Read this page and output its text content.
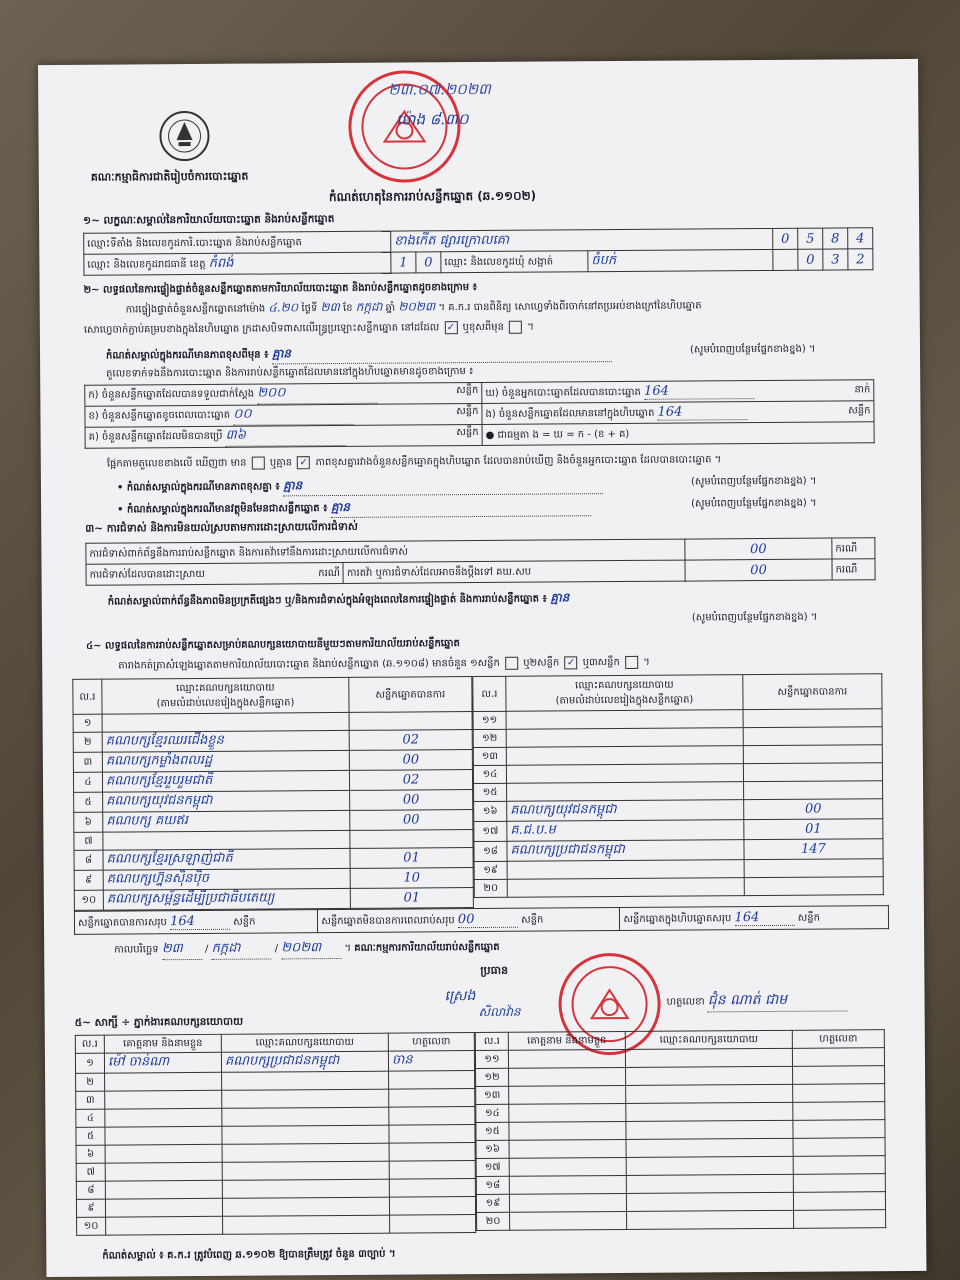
គណៈកម្មាធិការជាតិរៀបចំការបោះឆ្នោត
២៣.០៧.២០២៣
ម៉ោង ៨.៣០
កំណត់ហេតុនៃការរាប់សន្លឹកឆ្នោត (ឆ.១១០២)
១~ លក្ខណៈសម្គាល់នៃការិយាល័យបោះឆ្នោត និងរាប់សន្លឹកឆ្នោត
ឈ្មោះទីតាំង និងលេខកូដការិ.បោះឆ្នោត និងរាប់សន្លឹកឆ្នោត	ខាងកើត ផ្សារក្រោលគោ				0	5	8	4
ឈ្មោះ និងលេខកូដរាជធានី ខេត្ត កំពង់	1	0	ឈ្មោះ និងលេខកូដឃុំ សង្កាត់	ចំបក់		0	3	2
២~ លទ្ធផលនៃការផ្ទៀងផ្ទាត់ចំនួនសន្លឹកឆ្នោតតាមការិយាល័យបោះឆ្នោត និងរាប់សន្លឹកឆ្នោតដូចខាងក្រោម ៖
ការផ្ទៀងផ្ទាត់ចំនួនសន្លឹកឆ្នោតនៅម៉ោង ៤.២០ ថ្ងៃទី ២៣ ខែ កក្កដា ឆ្នាំ ២០២៣ ។ គ.ក.រ បានពិនិត្យ សោហ្វេទាំងពីរចាក់នៅតប្រអប់ខាងក្រៅនៃហិបឆ្នោត
សោហ្វេចាក់ភ្ជាប់គម្របខាងក្នុងនៃហិបឆ្នោត ក្រដាសបិទពាសលើរន្ធ្រប្រឡោះសន្លឹកឆ្នោត នៅដដែល ✓ ឬខុសពីមុន  ។
កំណត់សម្គាល់ក្នុងករណីមានភាពខុសពីមុន ៖ គ្មាន	(សូមបំពេញបន្ថែមផ្នែកខាងខ្នង) ។
តួលេខទាក់ទងនឹងការបោះឆ្នោត និងការរាប់សន្លឹកឆ្នោតដែលមាននៅក្នុងហិបឆ្នោតមានដូចខាងក្រោម ៖
ក) ចំនួនសន្លឹកឆ្នោតដែលបានទទួលជាក់ស្ដែង ២០០ សន្លឹក	ឃ) ចំនួនអ្នកបោះឆ្នោតដែលបានបោះឆ្នោត 164 នាក់

ខ) ចំនួនសន្លឹកឆ្នោតខូចពេលបោះឆ្នោត ០០ សន្លឹក	ង) ចំនួនសន្លឹកឆ្នោតដែលមាននៅក្នុងហិបឆ្នោត 164 សន្លឹក

គ) ចំនួនសន្លឹកឆ្នោតដែលមិនបានប្រើ ៣៦ សន្លឹក	● ជាធម្មតា ង = ឃ = ក - (ខ + គ)
ផ្អែកតាមតួលេខខាងលើ ឃើញថា មាន ឬគ្មាន ✓ ភាពខុសគ្នារវាងចំនួនសន្លឹកឆ្នោតក្នុងហិបឆ្នោត ដែលបានរាប់ឃើញ និងចំនួនអ្នកបោះឆ្នោត ដែលបានបោះឆ្នោត ។
• កំណត់សម្គាល់ក្នុងករណីមានភាពខុសគ្នា ៖ គ្មាន	(សូមបំពេញបន្ថែមផ្នែកខាងខ្នង) ។
• កំណត់សម្គាល់ក្នុងករណីមានវត្ថុមិនមែនជាសន្លឹកឆ្នោត ៖ គ្មាន	(សូមបំពេញបន្ថែមផ្នែកខាងខ្នង) ។
៣~ ការជំទាស់ និងការមិនយល់ស្របតាមការដោះស្រាយលើការជំទាស់
ការជំទាស់ពាក់ព័ន្ធនឹងការរាប់សន្លឹកឆ្នោត និងការតវ៉ាទៅនឹងការដោះស្រាយលើការជំទាស់		00	ករណី
ការជំទាស់ដែលបានដោះស្រាយ ករណី	ការតវ៉ា ឬការជំទាស់ដែលអាចនឹងប្ដឹងទៅ គឃ.សប	00	ករណី
កំណត់សម្គាល់ពាក់ព័ន្ធនឹងភាពមិនប្រក្រតីផ្សេងៗ ឬ/និងការជំទាស់ក្នុងអំឡុងពេលនៃការផ្ទៀងផ្ទាត់ និងការរាប់សន្លឹកឆ្នោត ៖ គ្មាន
(សូមបំពេញបន្ថែមផ្នែកខាងខ្នង) ។
៤~ លទ្ធផលនៃការរាប់សន្លឹកឆ្នោតសម្រាប់គណបក្សនយោបាយនីមួយៗតាមការិយាល័យរាប់សន្លឹកឆ្នោត
តារាងកត់ត្រាសំឡេងឆ្នោតតាមការិយាល័យបោះឆ្នោត និងរាប់សន្លឹកឆ្នោត (ឆ.១១០៨) មានចំនួន ១សន្លឹក ឬ២សន្លឹក ✓ ឬ៣សន្លឹក  ។
ល.រ	ឈ្មោះគណបក្សនយោបាយ
(តាមលំដាប់លេខរៀងក្នុងសន្លឹកឆ្នោត)	សន្លឹកឆ្នោតបានការ
១		
២	គណបក្សខ្មែរឈរជើងខ្លួន	02
៣	គណបក្សកម្លាំងពលរដ្ឋ	00
៤	គណបក្សខ្មែររួបរួមជាតិ	02
៥	គណបក្សយុវជនកម្ពុជា	00
៦	គណបក្ស គឃឥរ	00
៧		
៨	គណបក្សខ្មែរស្រឡាញ់ជាតិ	01
៩	គណបក្សហ្វ៊ុនស៊ិនប៉ិច	10
១០	គណបក្សសម្ព័ន្ធដើម្បីប្រជាធិបតេយ្យ	01
ល.រ	ឈ្មោះគណបក្សនយោបាយ
(តាមលំដាប់លេខរៀងក្នុងសន្លឹកឆ្នោត)	សន្លឹកឆ្នោតបានការ
១១		
១២		
១៣		
១៤		
១៥		
១៦	គណបក្សយុវជនកម្ពុជា	00
១៧	គ.ជ.ប.ម	01
១៨	គណបក្សប្រជាជនកម្ពុជា	147
១៩		
២០		
សន្លឹកឆ្នោតបានការសរុប 164	សន្លឹក	សន្លឹកឆ្នោតមិនបានការពេលរាប់សរុប 00	សន្លឹក	សន្លឹកឆ្នោតក្នុងហិបឆ្នោតសរុប 164	សន្លឹក
កាលបរិច្ឆេទ ២៣ / កក្កដា	/ ២០២៣ ។ គណៈកម្មការការិយាល័យរាប់សន្លឹកឆ្នោត
ប្រធាន
ស្រេង
សិលាវ៉ាន
ហត្ថលេខា ជុំន ណាត់ ជាម
៥~ សាក្សី ÷ ភ្នាក់ងារគណបក្សនយោបាយ
ល.រ	គោត្តនាម និងនាមខ្លួន	ឈ្មោះគណបក្សនយោបាយ	ហត្ថលេខា
១	ម៉ៅ ចាន់ណា	គណបក្សប្រជាជនកម្ពុជា	ចាន
២			
៣			
៤			
៥			
៦			
៧			
៨			
៩			
១០			
ល.រ	គោត្តនាម និងនាមខ្លួន	ឈ្មោះគណបក្សនយោបាយ	ហត្ថលេខា
១១			
១២			
១៣			
១៤			
១៥			
១៦			
១៧			
១៨			
១៩			
២០			
កំណត់សម្គាល់ ៖ គ.ក.រ ត្រូវបំពេញ ឆ.១១០២ ឱ្យបានត្រឹមត្រូវ ចំនួន ៣ច្បាប់ ។
